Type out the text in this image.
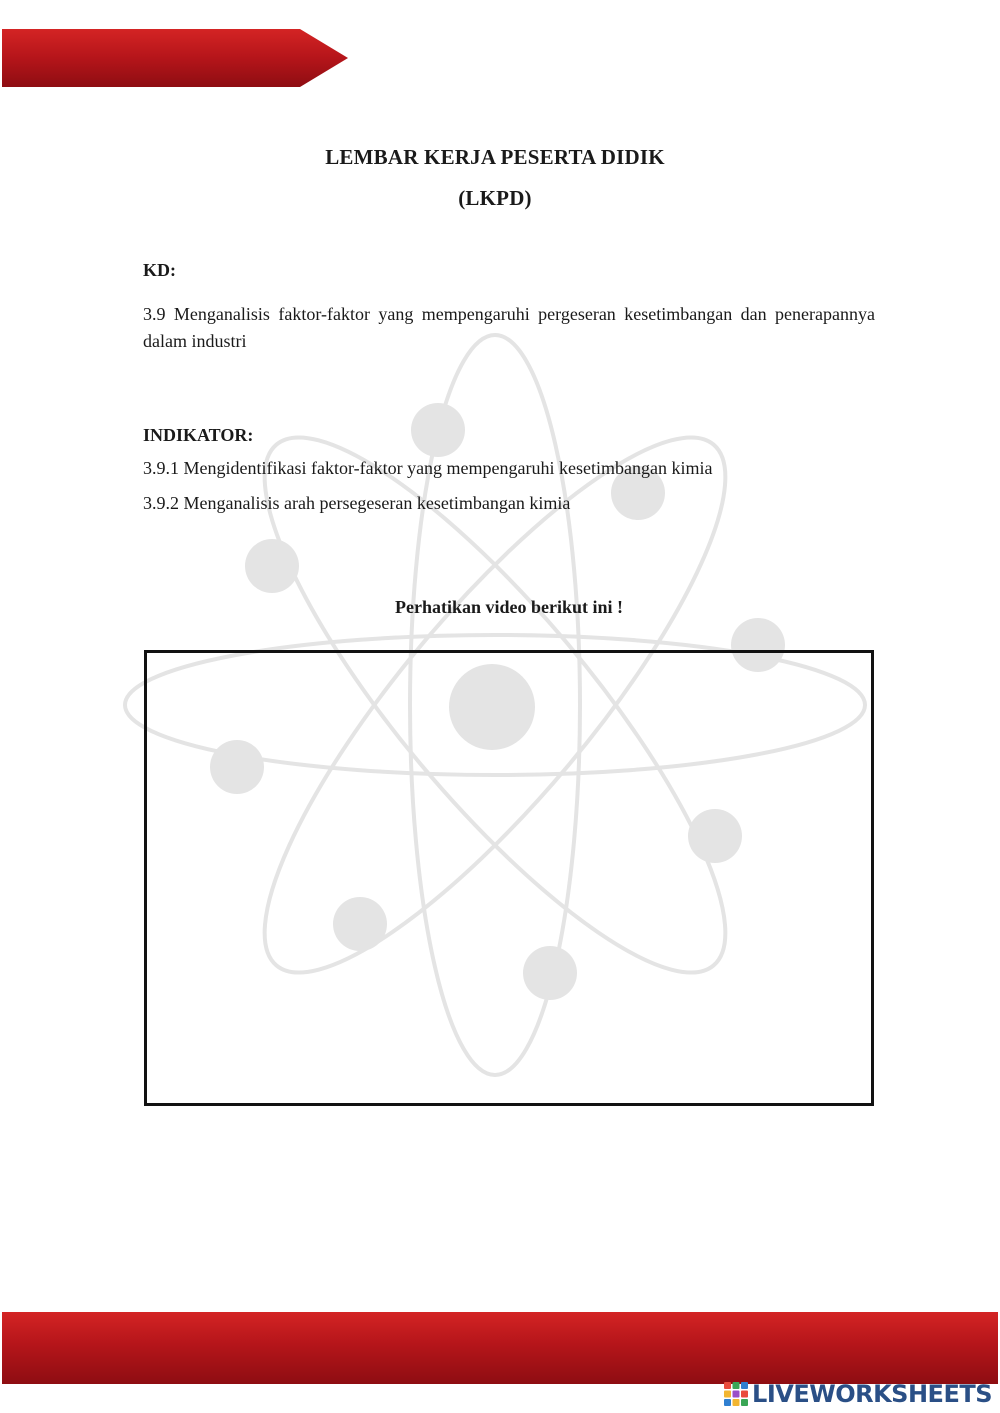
LEMBAR KERJA PESERTA DIDIK
(LKPD)
KD:
3.9 Menganalisis faktor-faktor yang mempengaruhi pergeseran kesetimbangan dan penerapannya dalam industri
INDIKATOR:
3.9.1 Mengidentifikasi faktor-faktor yang mempengaruhi kesetimbangan kimia
3.9.2 Menganalisis arah persegeseran kesetimbangan kimia
Perhatikan video berikut ini !
LIVEWORKSHEETS
